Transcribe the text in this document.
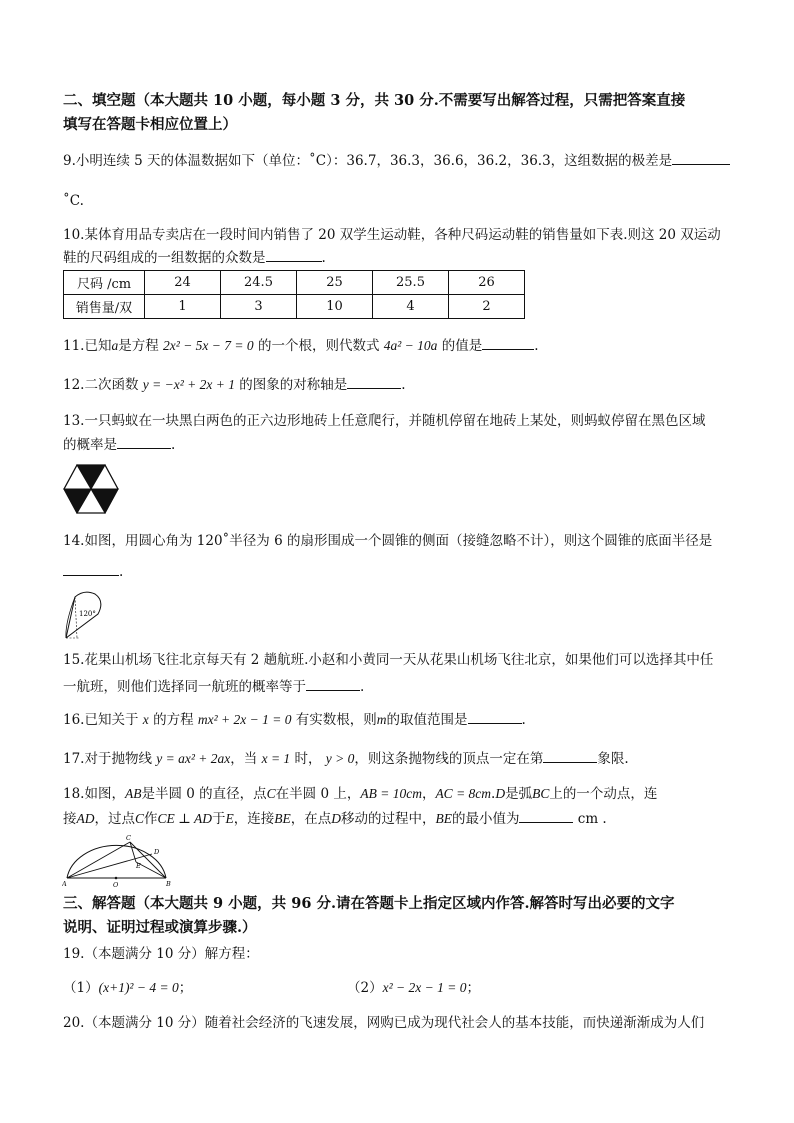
二、填空题（本大题共 10 小题，每小题 3 分，共 30 分.不需要写出解答过程，只需把答案直接
填写在答题卡相应位置上）
9.小明连续 5 天的体温数据如下（单位：˚C）：36.7，36.3，36.6，36.2，36.3，这组数据的极差是
˚C.
10.某体育用品专卖店在一段时间内销售了 20 双学生运动鞋，各种尺码运动鞋的销售量如下表.则这 20 双运动
鞋的尺码组成的一组数据的众数是	.
尺码 /cm	24	24.5	25	25.5	26
销售量/双	1	3	10	4	2
11.已知a是方程 2x² − 5x − 7 = 0 的一个根，则代数式 4a² − 10a 的值是	.
12.二次函数 y = −x² + 2x + 1 的图象的对称轴是	.
13.一只蚂蚁在一块黑白两色的正六边形地砖上任意爬行，并随机停留在地砖上某处，则蚂蚁停留在黑色区域
的概率是	.
14.如图，用圆心角为 120˚半径为 6 的扇形围成一个圆锥的侧面（接缝忽略不计），则这个圆锥的底面半径是
.
120°
15.花果山机场飞往北京每天有 2 趟航班.小赵和小黄同一天从花果山机场飞往北京，如果他们可以选择其中任
一航班，则他们选择同一航班的概率等于	.
16.已知关于 x 的方程 mx² + 2x − 1 = 0 有实数根，则m的取值范围是	.
17.对于抛物线 y = ax² + 2ax，当 x = 1 时， y > 0，则这条抛物线的顶点一定在第	象限.
18.如图，AB是半圆 0 的直径，点C在半圆 0 上，AB = 10cm，AC = 8cm.D是弧BC上的一个动点，连
接AD，过点C作CE ⊥ AD于E，连接BE，在点D移动的过程中，BE的最小值为	cm .
A	O	B
C
D
E
三、解答题（本大题共 9 小题，共 96 分.请在答题卡上指定区域内作答.解答时写出必要的文字
说明、证明过程或演算步骤.）
19.（本题满分 10 分）解方程：
（1）(x+1)² − 4 = 0；	（2）x² − 2x − 1 = 0；
20.（本题满分 10 分）随着社会经济的飞速发展，网购已成为现代社会人的基本技能，而快递渐渐成为人们
